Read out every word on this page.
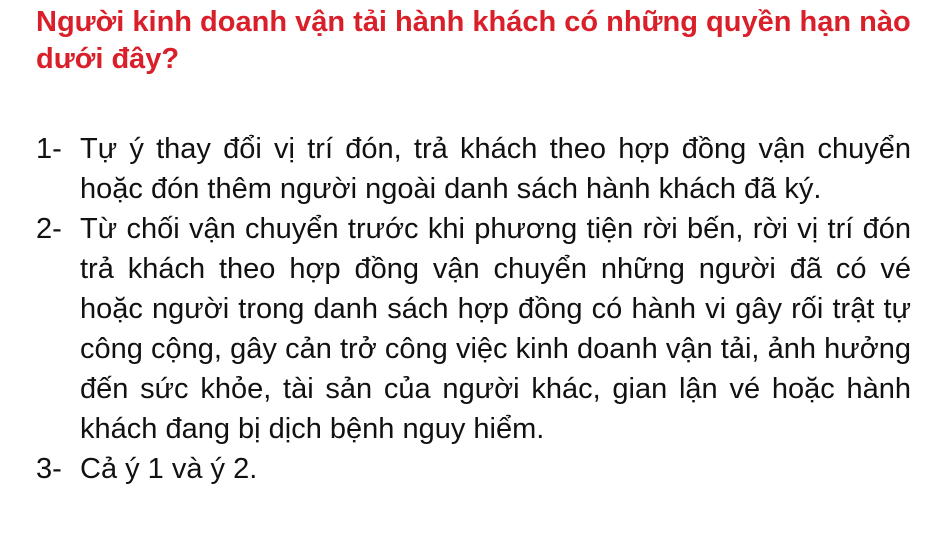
Người kinh doanh vận tải hành khách có những quyền hạn nào dưới đây?
1- Tự ý thay đổi vị trí đón, trả khách theo hợp đồng vận chuyển hoặc đón thêm người ngoài danh sách hành khách đã ký.
2- Từ chối vận chuyển trước khi phương tiện rời bến, rời vị trí đón trả khách theo hợp đồng vận chuyển những người đã có vé hoặc người trong danh sách hợp đồng có hành vi gây rối trật tự công cộng, gây cản trở công việc kinh doanh vận tải, ảnh hưởng đến sức khỏe, tài sản của người khác, gian lận vé hoặc hành khách đang bị dịch bệnh nguy hiểm.
3- Cả ý 1 và ý 2.
